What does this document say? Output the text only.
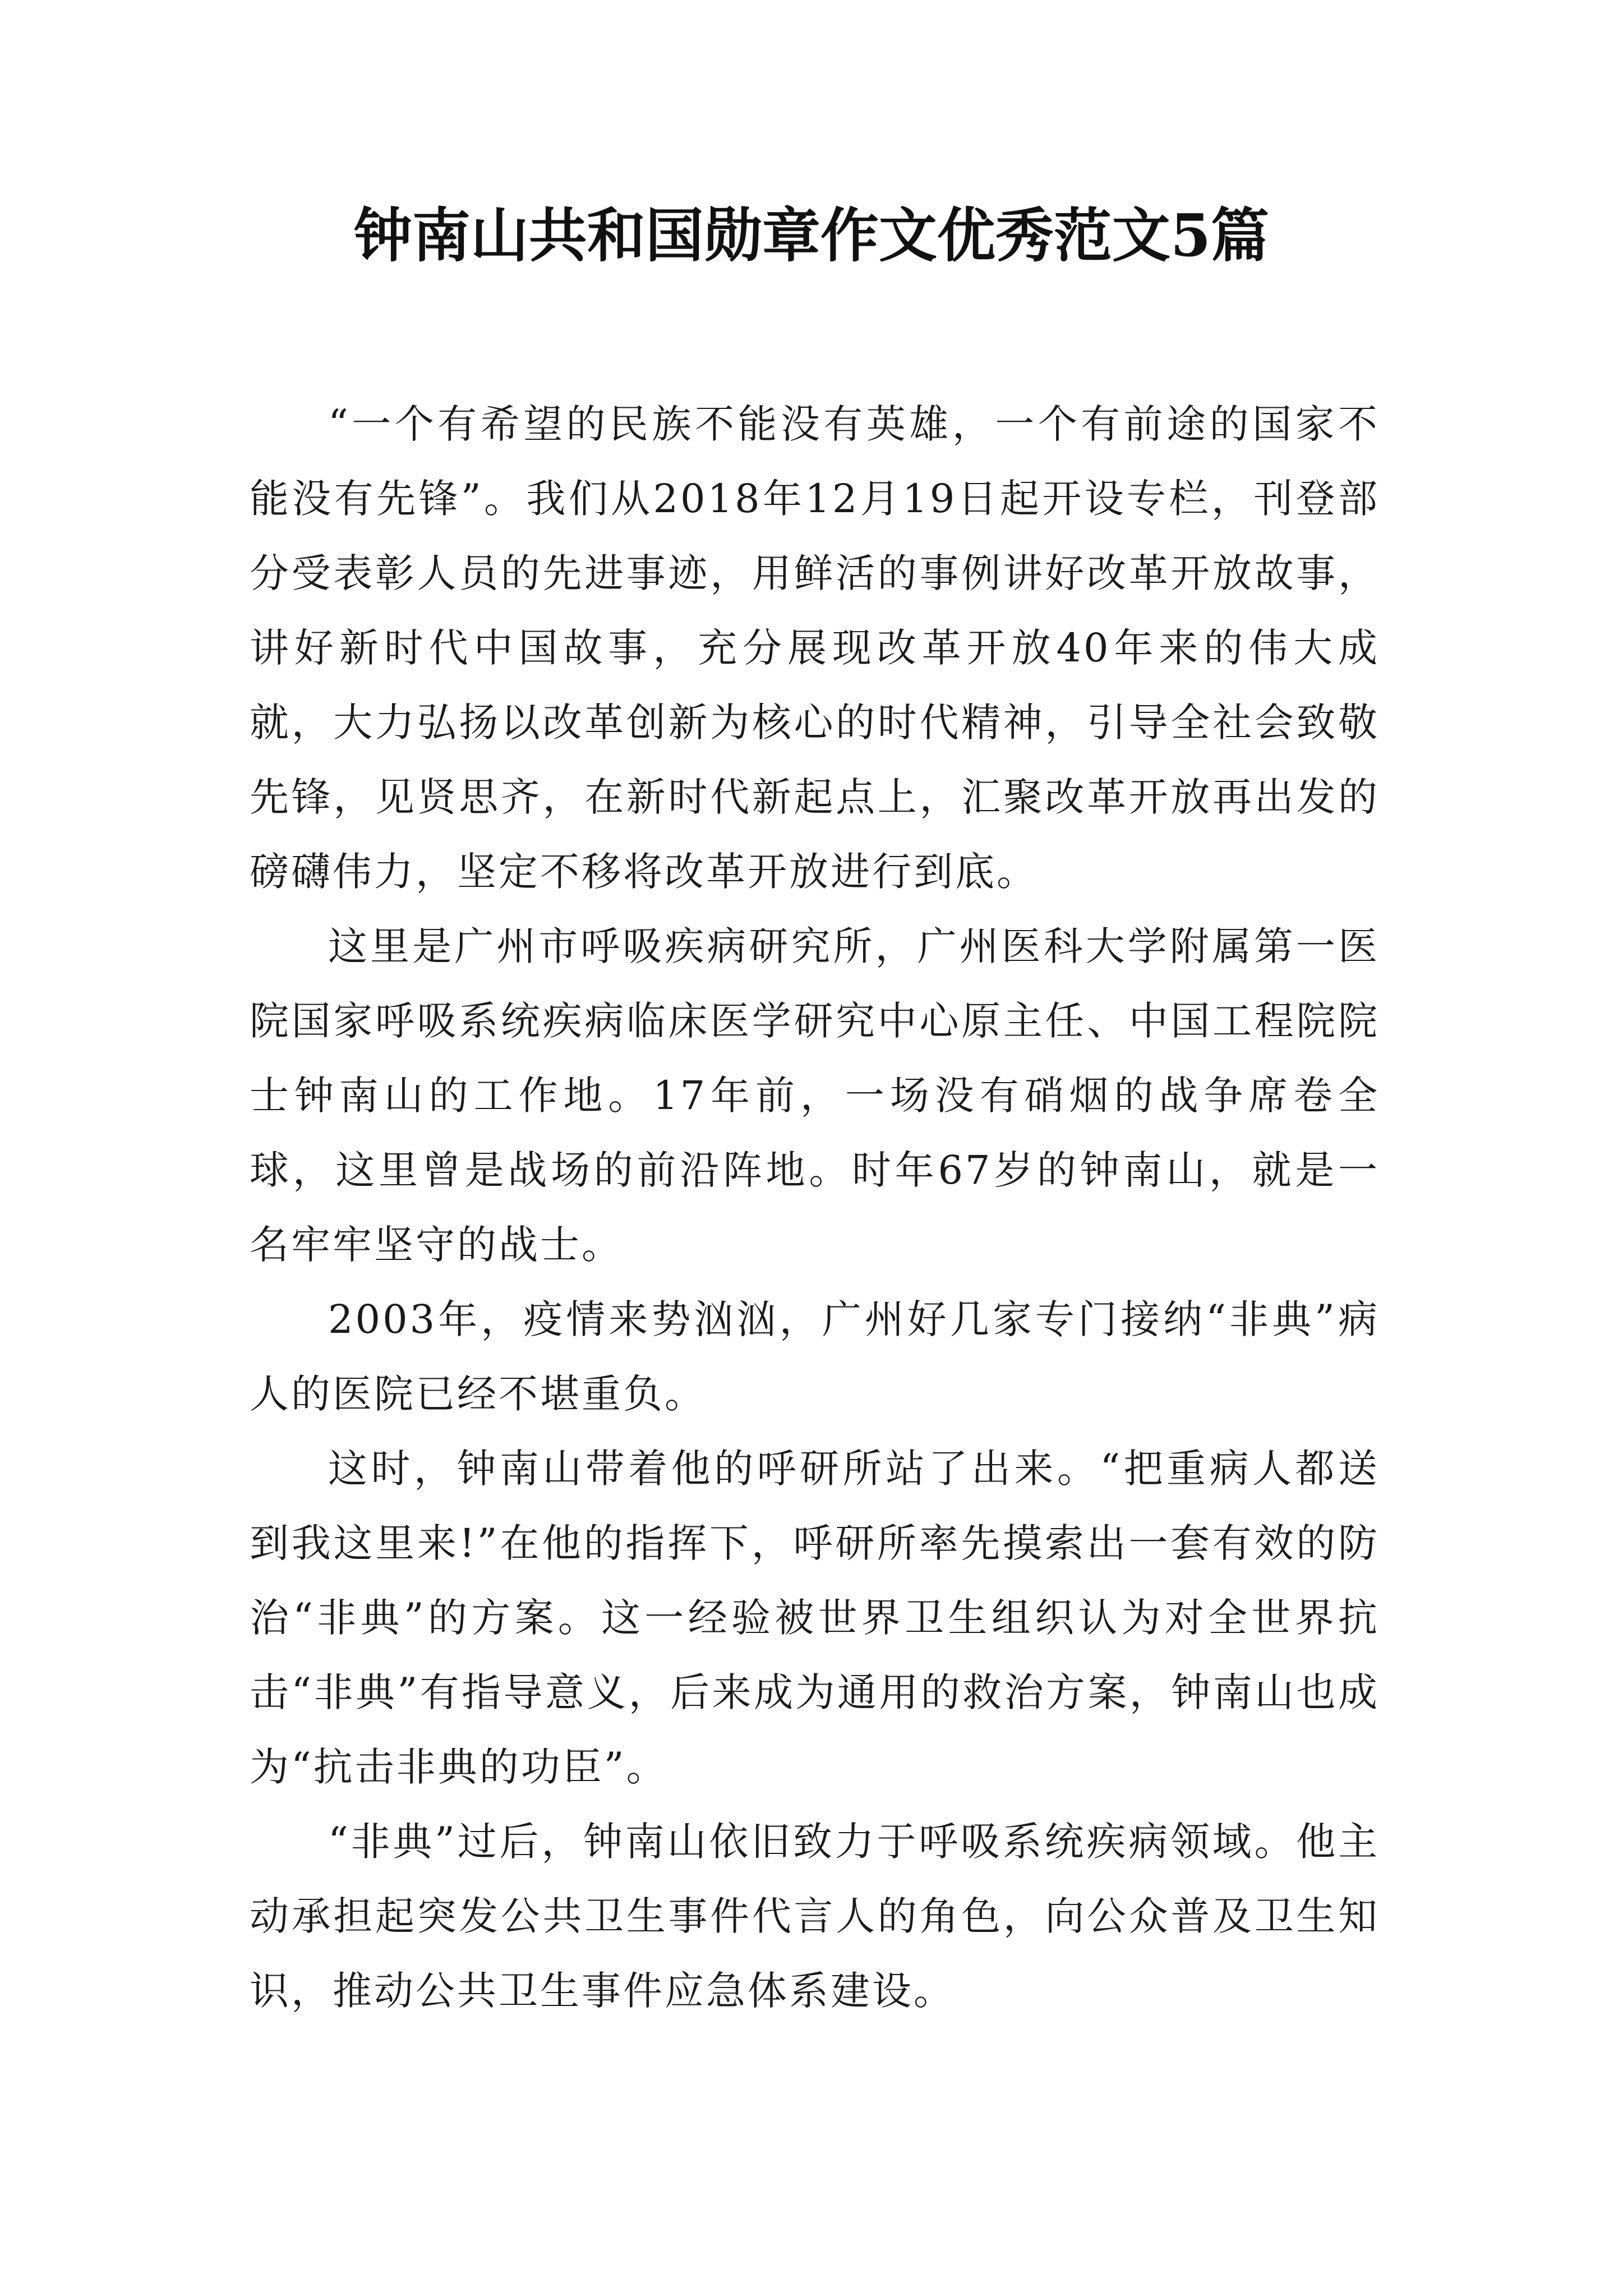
钟南山共和国勋章作文优秀范文5篇

“一个有希望的民族不能没有英雄，一个有前途的国家不能没有先锋”。我们从2018年12月19日起开设专栏，刊登部分受表彰人员的先进事迹，用鲜活的事例讲好改革开放故事，讲好新时代中国故事，充分展现改革开放40年来的伟大成就，大力弘扬以改革创新为核心的时代精神，引导全社会致敬先锋，见贤思齐，在新时代新起点上，汇聚改革开放再出发的磅礴伟力，坚定不移将改革开放进行到底。

这里是广州市呼吸疾病研究所，广州医科大学附属第一医院国家呼吸系统疾病临床医学研究中心原主任、中国工程院院士钟南山的工作地。17年前，一场没有硝烟的战争席卷全球，这里曾是战场的前沿阵地。时年67岁的钟南山，就是一名牢牢坚守的战士。

2003年，疫情来势汹汹，广州好几家专门接纳“非典”病人的医院已经不堪重负。

这时，钟南山带着他的呼研所站了出来。“把重病人都送到我这里来!”在他的指挥下，呼研所率先摸索出一套有效的防治“非典”的方案。这一经验被世界卫生组织认为对全世界抗击“非典”有指导意义，后来成为通用的救治方案，钟南山也成为“抗击非典的功臣”。

“非典”过后，钟南山依旧致力于呼吸系统疾病领域。他主动承担起突发公共卫生事件代言人的角色，向公众普及卫生知识，推动公共卫生事件应急体系建设。
